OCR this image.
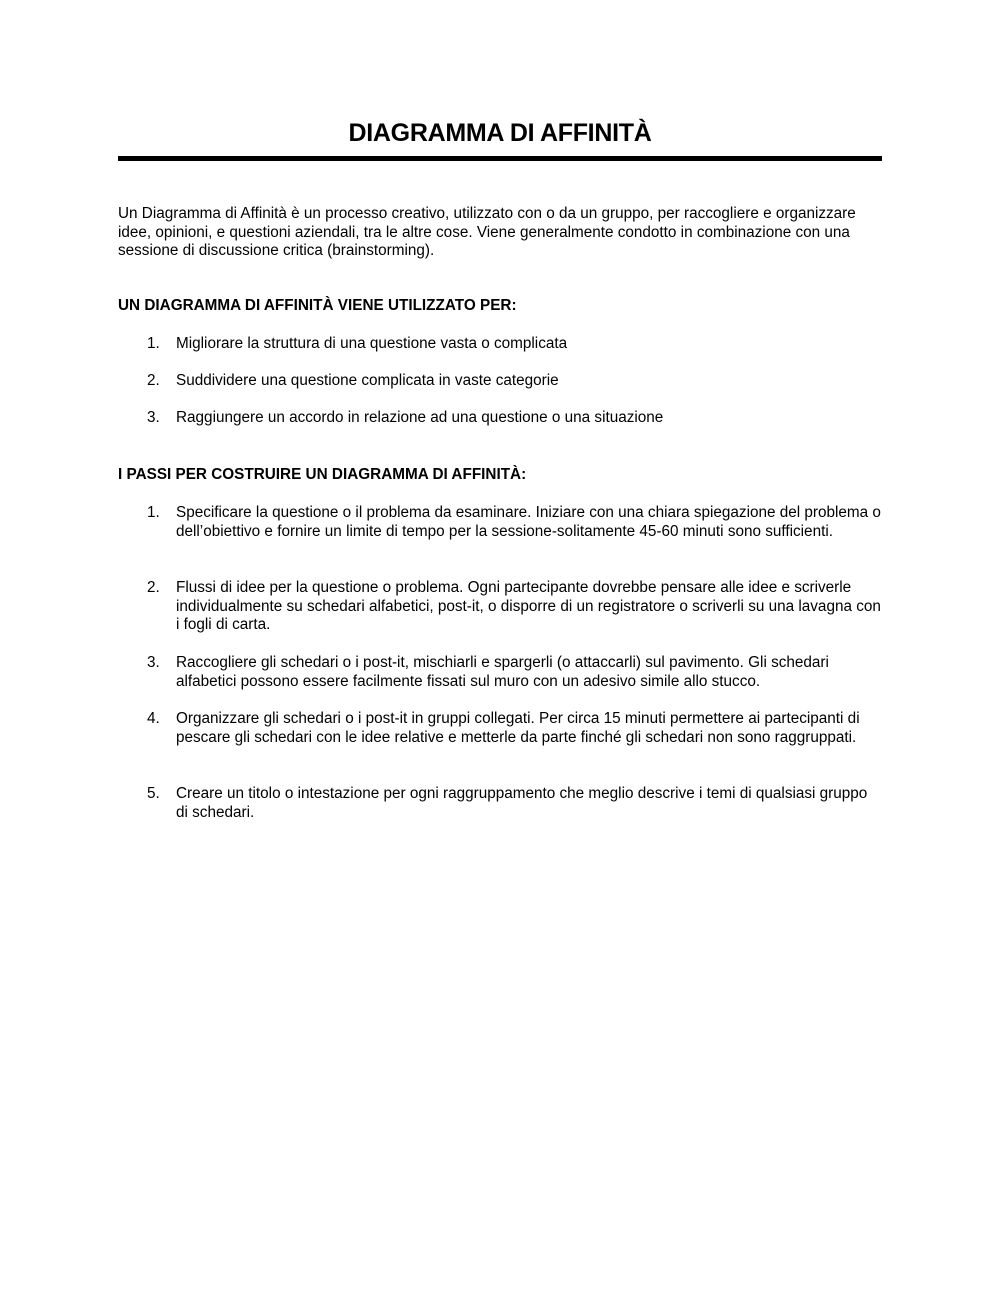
DIAGRAMMA DI AFFINITÀ
Un Diagramma di Affinità è un processo creativo, utilizzato con o da un gruppo, per raccogliere e organizzare idee, opinioni, e questioni aziendali, tra le altre cose. Viene generalmente condotto in combinazione con una sessione di discussione critica (brainstorming).
UN DIAGRAMMA DI AFFINITÀ VIENE UTILIZZATO PER:
1.	Migliorare la struttura di una questione vasta o complicata
2.	Suddividere una questione complicata in vaste categorie
3.	Raggiungere un accordo in relazione ad una questione o una situazione
I PASSI PER COSTRUIRE UN DIAGRAMMA DI AFFINITÀ:
1.	Specificare la questione o il problema da esaminare. Iniziare con una chiara spiegazione del problema o dell’obiettivo e fornire un limite di tempo per la sessione-solitamente 45-60 minuti sono sufficienti.
2.	Flussi di idee per la questione o problema. Ogni partecipante dovrebbe pensare alle idee e scriverle individualmente su schedari alfabetici, post-it, o disporre di un registratore o scriverli su una lavagna con i fogli di carta.
3.	Raccogliere gli schedari o i post-it, mischiarli e spargerli (o attaccarli) sul pavimento. Gli schedari alfabetici possono essere facilmente fissati sul muro con un adesivo simile allo stucco.
4.	Organizzare gli schedari o i post-it in gruppi collegati. Per circa 15 minuti permettere ai partecipanti di pescare gli schedari con le idee relative e metterle da parte finché gli schedari non sono raggruppati.
5.	Creare un titolo o intestazione per ogni raggruppamento che meglio descrive i temi di qualsiasi gruppo di schedari.
